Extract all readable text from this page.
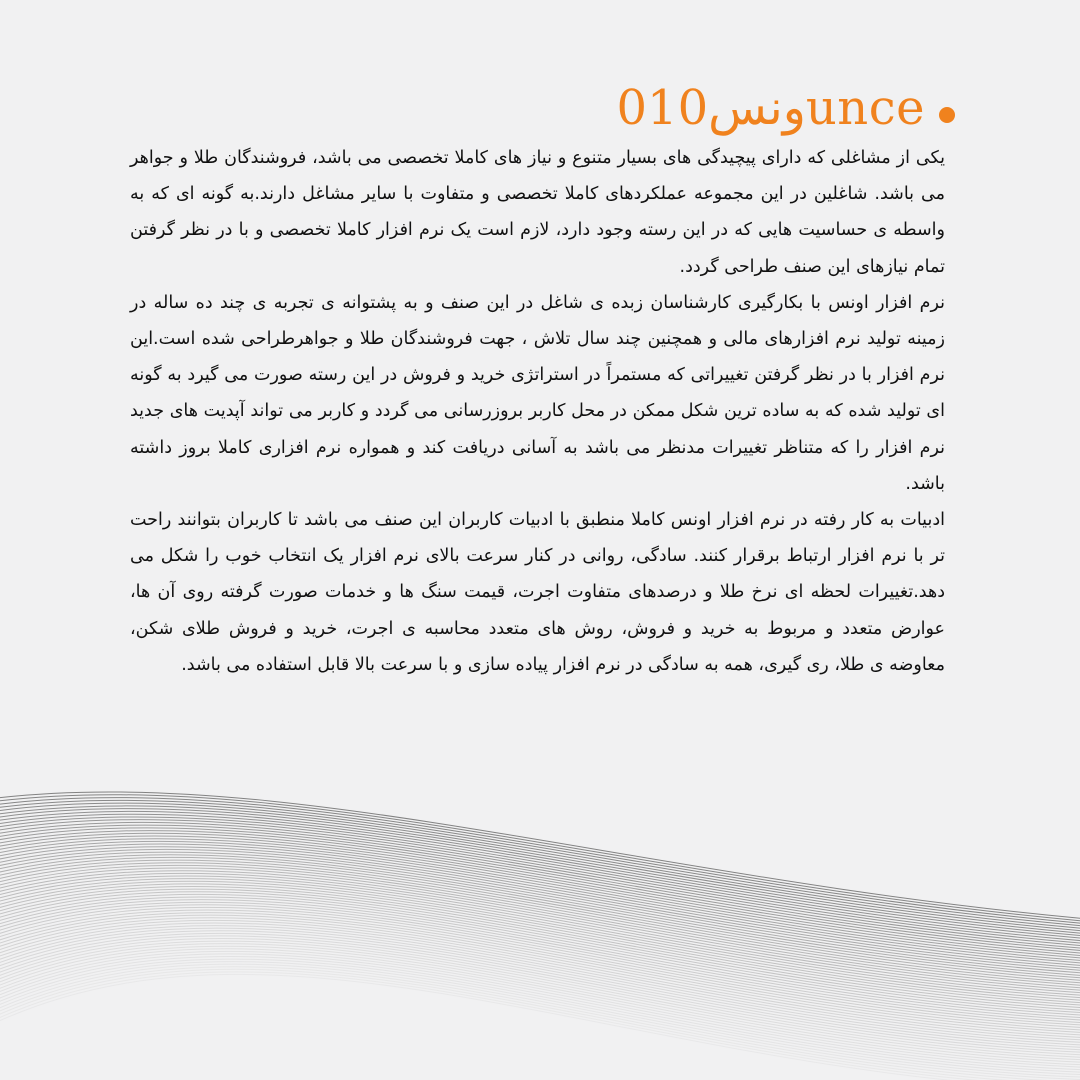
ونس010unce

یکی از مشاغلی که دارای پیچیدگی های بسیار متنوع و نیاز های کاملا تخصصی می باشد، فروشندگان طلا و جواهر می باشد. شاغلین در این مجموعه عملکردهای کاملا تخصصی و متفاوت با سایر مشاغل دارند.به گونه ای که به واسطه ی حساسیت هایی که در این رسته وجود دارد، لازم است یک نرم افزار کاملا تخصصی و با در نظر گرفتن تمام نیازهای این صنف طراحی گردد.

نرم افزار اونس با بکارگیری کارشناسان زبده ی شاغل در این صنف و به پشتوانه ی تجربه ی چند ده ساله در زمینه تولید نرم افزارهای مالی و همچنین چند سال تلاش ، جهت فروشندگان طلا و جواهرطراحی شده است.این نرم افزار با در نظر گرفتن تغییراتی که مستمراً در استراتژی خرید و فروش در این رسته صورت می گیرد به گونه ای تولید شده که به ساده ترین شکل ممکن در محل کاربر بروزرسانی می گردد و کاربر می تواند آپدیت های جدید نرم افزار را که متناظر تغییرات مدنظر می باشد به آسانی دریافت کند و همواره نرم افزاری کاملا بروز داشته باشد.

ادبیات به کار رفته در نرم افزار اونس کاملا منطبق با ادبیات کاربران این صنف می باشد تا کاربران بتوانند راحت تر با نرم افزار ارتباط برقرار کنند. سادگی، روانی در کنار سرعت بالای نرم افزار یک انتخاب خوب را شکل می دهد.تغییرات لحظه ای نرخ طلا و درصدهای متفاوت اجرت، قیمت سنگ ها و خدمات صورت گرفته روی آن ها، عوارض متعدد و مربوط به خرید و فروش، روش های متعدد محاسبه ی اجرت، خرید و فروش طلای شکن، معاوضه ی طلا، ری گیری، همه به سادگی در نرم افزار پیاده سازی و با سرعت بالا قابل استفاده می باشد.
